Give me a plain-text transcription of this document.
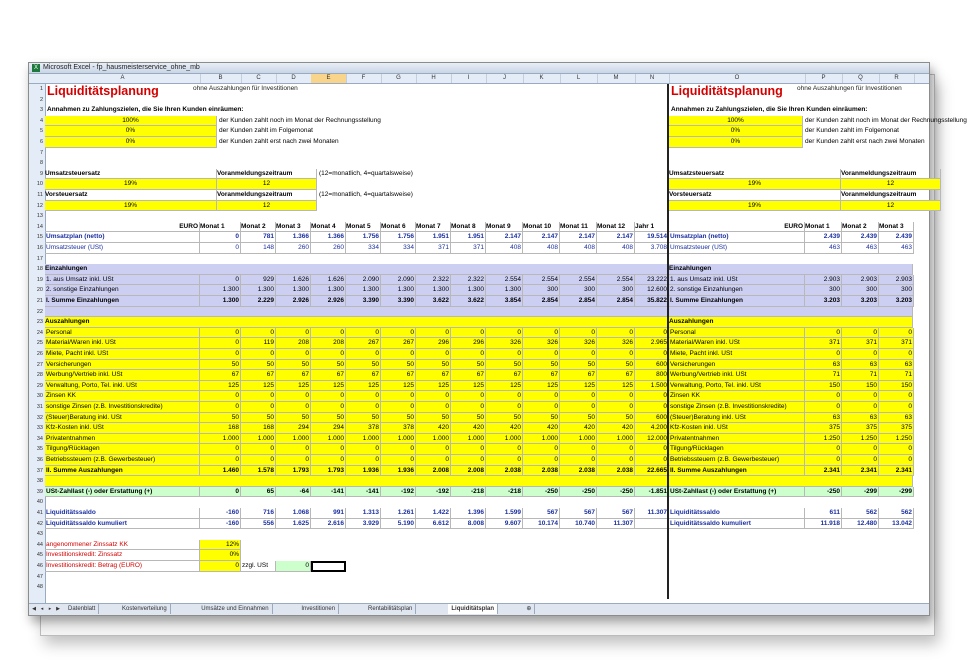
X Microsoft Excel - fp_hausmeisterservice_ohne_mb
A	B	C	D	E	F	G	H	I	J	K	L	M	N	O	P	Q	R
1
2
3
4
5
6
7
8
9
10
11
12
13
14
15
16
17
18
19
20
21
22
23
24
25
26
27
28
29
30
31
32
33
34
35
36
37
38
39
40
41
42
43
44
45
46
47
48
◀ ◂	▸ ▶	Datenblatt	Kostenverteilung	Umsätze und Einnahmen	Investitionen	Rentabilitätsplan	Liquiditätsplan	⊕
Liquiditätsplanung	ohne Auszahlungen für Investitionen	Liquiditätsplanung	ohne Auszahlungen für Investitionen
Annahmen zu Zahlungszielen, die Sie Ihren Kunden einräumen:	Annahmen zu Zahlungszielen, die Sie Ihren Kunden einräumen:
100%	der Kunden zahlt noch im Monat der Rechnungsstellung	100%	der Kunden zahlt noch im Monat der Rechnungsstellung
0%	der Kunden zahlt im Folgemonat	0%	der Kunden zahlt im Folgemonat
0%	der Kunden zahlt erst nach zwei Monaten	0%	der Kunden zahlt erst nach zwei Monaten
Umsatzsteuersatz	Voranmeldungszeitraum
19%	12
Vorsteuersatz	Voranmeldungszeitraum
19%	12
(12=monatlich, 4=quartalsweise)
(12=monatlich, 4=quartalsweise)
Umsatzsteuersatz	Voranmeldungszeitraum
19%	12
Vorsteuersatz	Voranmeldungszeitraum
19%	12
EURO Monat 1	Monat 2	Monat 3	Monat 4	Monat 5	Monat 6	Monat 7	Monat 8	Monat 9	Monat 10	Monat 11	Monat 12	Jahr 1	EURO Monat 1	Monat 2	Monat 3
Umsatzplan (netto)	0	781	1.366	1.366	1.756	1.756	1.951	1.951	2.147	2.147	2.147	2.147	19.514 Umsatzplan (netto)	2.439	2.439	2.439
Umsatzsteuer (USt)	0	148	260	260	334	334	371	371	408	408	408	408	3.708 Umsatzsteuer (USt)	463	463	463
Einzahlungen	Einzahlungen
1. aus Umsatz inkl. USt	0	929	1.626	1.626	2.090	2.090	2.322	2.322	2.554	2.554	2.554	2.554	23.222 1. aus Umsatz inkl. USt	2.903	2.903	2.903
2. sonstige Einzahlungen	1.300	1.300	1.300	1.300	1.300	1.300	1.300	1.300	1.300	300	300	300	12.600 2. sonstige Einzahlungen	300	300	300
I. Summe Einzahlungen	1.300	2.229	2.926	2.926	3.390	3.390	3.622	3.622	3.854	2.854	2.854	2.854	35.822 I. Summe Einzahlungen	3.203	3.203	3.203
Auszahlungen	Auszahlungen
Personal	0	0	0	0	0	0	0	0	0	0	0	0	0 Personal	0	0	0
Material/Waren inkl. USt	0	119	208	208	267	267	296	296	326	326	326	326	2.965 Material/Waren inkl. USt	371	371	371
Miete, Pacht inkl. USt	0	0	0	0	0	0	0	0	0	0	0	0	0 Miete, Pacht inkl. USt	0	0	0
Versicherungen	50	50	50	50	50	50	50	50	50	50	50	50	600 Versicherungen	63	63	63
Werbung/Vertrieb inkl. USt	67	67	67	67	67	67	67	67	67	67	67	67	800 Werbung/Vertrieb inkl. USt	71	71	71
Verwaltung, Porto, Tel. inkl. USt	125	125	125	125	125	125	125	125	125	125	125	125	1.500 Verwaltung, Porto, Tel. inkl. USt	150	150	150
Zinsen KK	0	0	0	0	0	0	0	0	0	0	0	0	0 Zinsen KK	0	0	0
sonstige Zinsen (z.B. Investitionskredite)	0	0	0	0	0	0	0	0	0	0	0	0	0 sonstige Zinsen (z.B. Investitionskredite)	0	0	0
(Steuer)Beratung inkl. USt	50	50	50	50	50	50	50	50	50	50	50	50	600 (Steuer)Beratung inkl. USt	63	63	63
Kfz-Kosten inkl. USt	168	168	294	294	378	378	420	420	420	420	420	420	4.200 Kfz-Kosten inkl. USt	375	375	375
Privatentnahmen	1.000	1.000	1.000	1.000	1.000	1.000	1.000	1.000	1.000	1.000	1.000	1.000	12.000 Privatentnahmen	1.250	1.250	1.250
Tilgung/Rücklagen	0	0	0	0	0	0	0	0	0	0	0	0	0 Tilgung/Rücklagen	0	0	0
Betriebssteuern (z.B. Gewerbesteuer)	0	0	0	0	0	0	0	0	0	0	0	0	0 Betriebssteuern (z.B. Gewerbesteuer)	0	0	0
II. Summe Auszahlungen	1.460	1.578	1.793	1.793	1.936	1.936	2.008	2.008	2.038	2.038	2.038	2.038	22.665 II. Summe Auszahlungen	2.341	2.341	2.341
USt-Zahllast (-) oder Erstattung (+)	0	65	-64	-141	-141	-192	-192	-218	-218	-250	-250	-250	-1.851 USt-Zahllast (-) oder Erstattung (+)	-250	-299	-299
Liquiditätssaldo	-160	716	1.068	991	1.313	1.261	1.422	1.396	1.599	567	567	567	11.307 Liquiditätssaldo	611	562	562
Liquiditätssaldo kumuliert	-160	556	1.625	2.616	3.929	5.190	6.612	8.008	9.607	10.174	10.740	11.307	Liquiditätssaldo kumuliert	11.918	12.480	13.042
angenommener Zinssatz KK	12%
Investitionskredit: Zinssatz	0%
Investitionskredit: Betrag (EURO)	0 zzgl. USt	0
